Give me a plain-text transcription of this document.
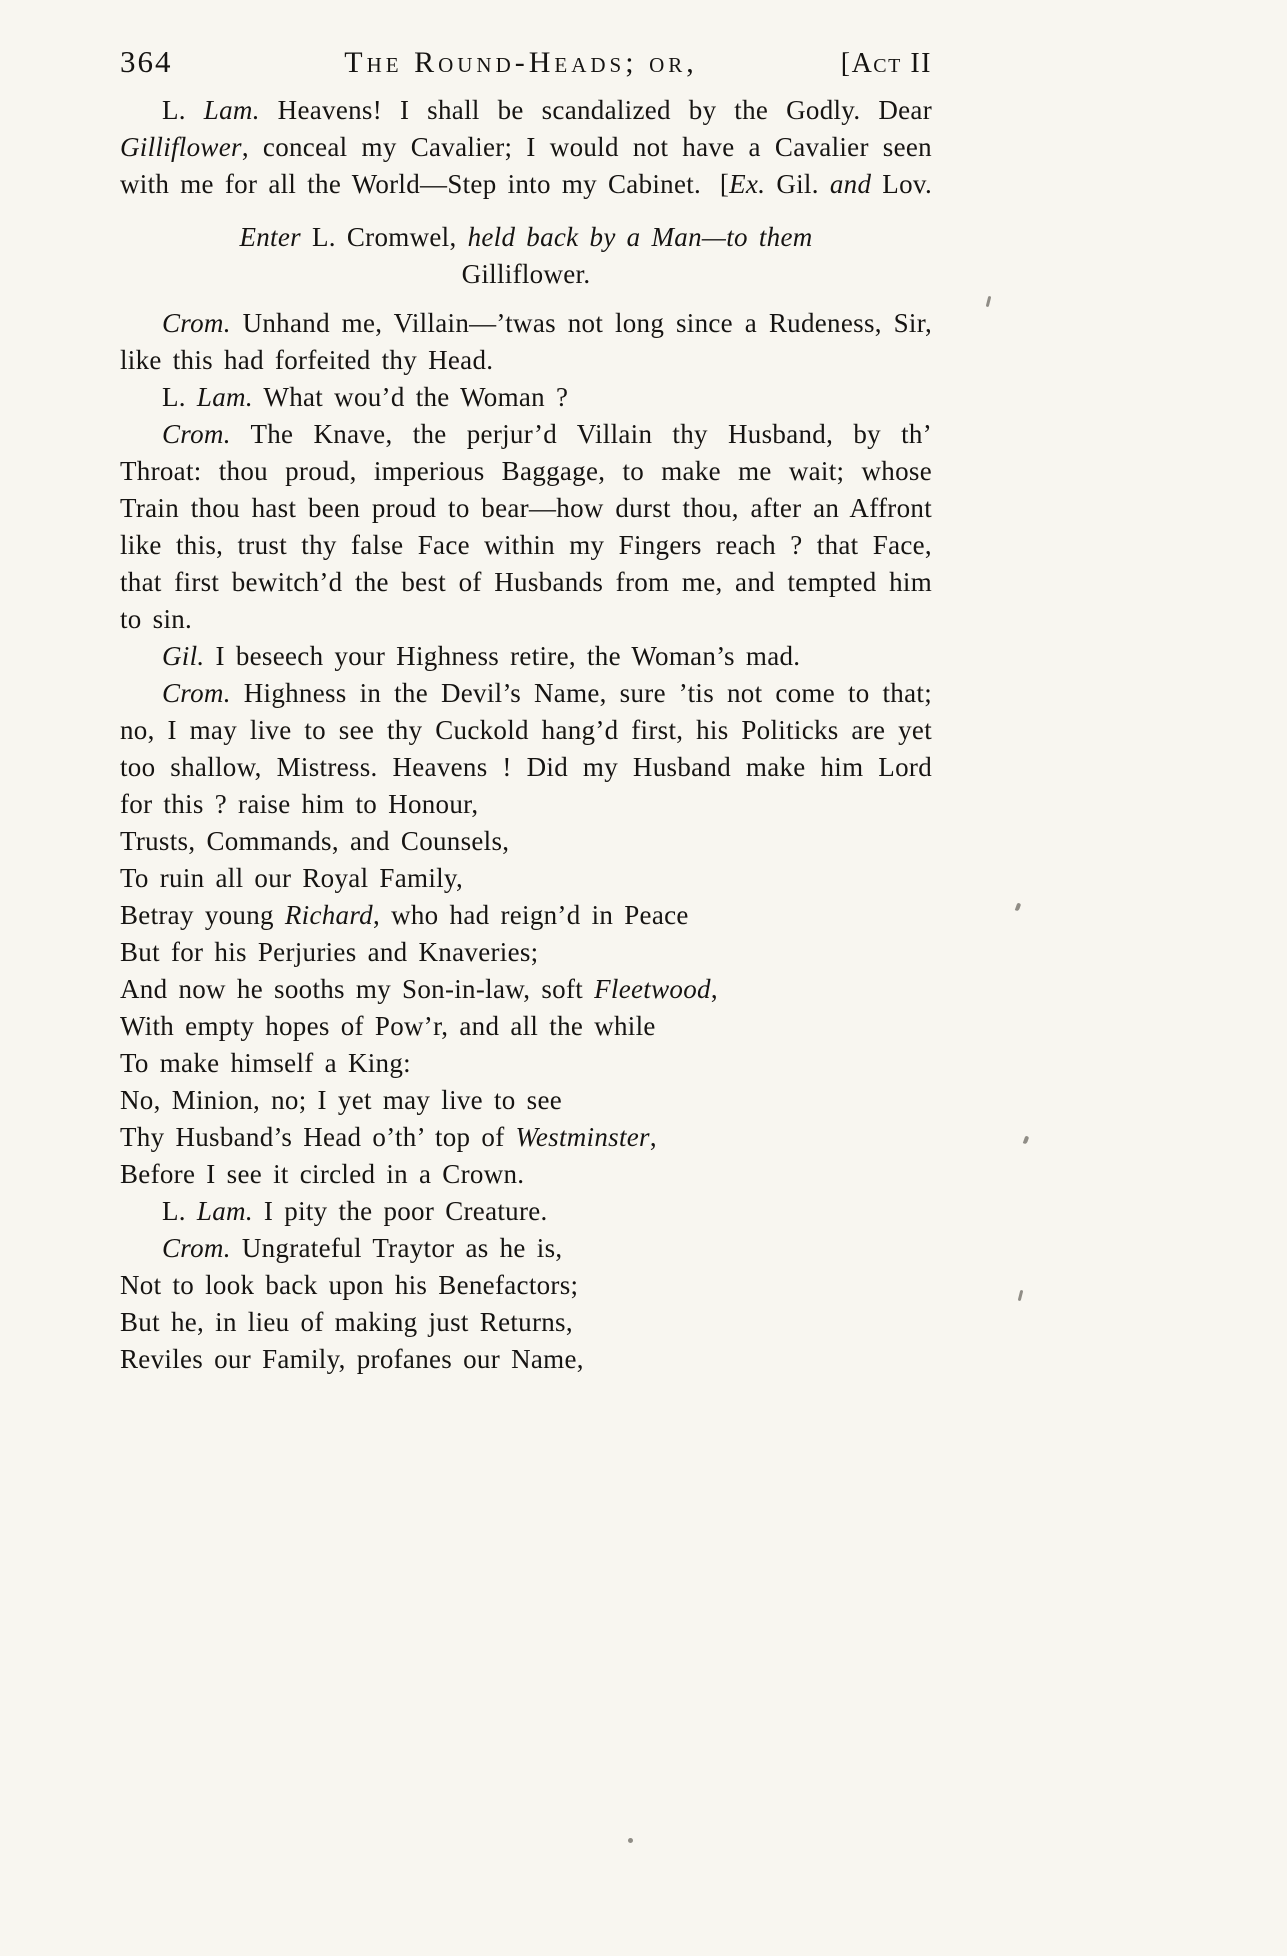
364	The Round-Heads; or,	[Act II
L. Lam. Heavens! I shall be scandalized by the Godly. Dear Gilliflower, conceal my Cavalier; I would not have a Cavalier seen with me for all the World—Step into my Cabinet. [Ex. Gil. and Lov.
Enter L. Cromwel, held back by a Man—to them
Gilliflower.
Crom. Unhand me, Villain—’twas not long since a Rudeness, Sir, like this had forfeited thy Head.
L. Lam. What wou’d the Woman ?
Crom. The Knave, the perjur’d Villain thy Husband, by th’ Throat: thou proud, imperious Baggage, to make me wait; whose Train thou hast been proud to bear—how durst thou, after an Affront like this, trust thy false Face within my Fingers reach ? that Face, that first bewitch’d the best of Husbands from me, and tempted him to sin.
Gil. I beseech your Highness retire, the Woman’s mad.
Crom. Highness in the Devil’s Name, sure ’tis not come to that; no, I may live to see thy Cuckold hang’d first, his Politicks are yet too shallow, Mistress. Heavens ! Did my Husband make him Lord for this ? raise him to Honour,
Trusts, Commands, and Counsels,
To ruin all our Royal Family,
Betray young Richard, who had reign’d in Peace
But for his Perjuries and Knaveries;
And now he sooths my Son-in-law, soft Fleetwood,
With empty hopes of Pow’r, and all the while
To make himself a King:
No, Minion, no; I yet may live to see
Thy Husband’s Head o’th’ top of Westminster,
Before I see it circled in a Crown.
L. Lam. I pity the poor Creature.
Crom. Ungrateful Traytor as he is,
Not to look back upon his Benefactors;
But he, in lieu of making just Returns,
Reviles our Family, profanes our Name,
